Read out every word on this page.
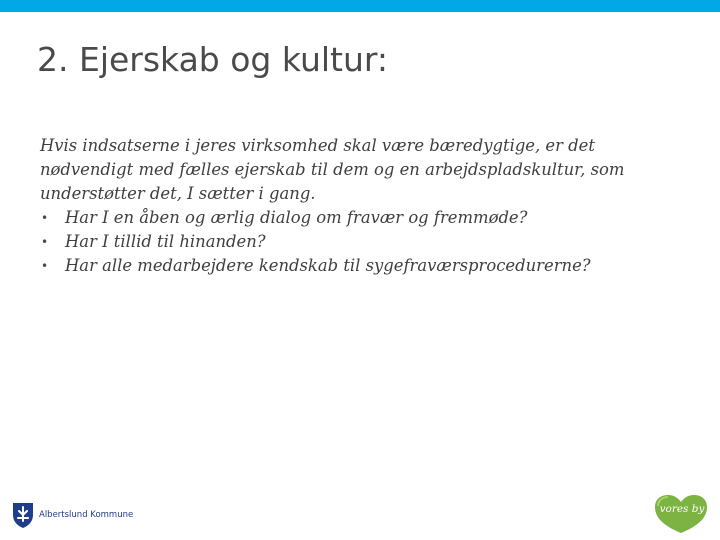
2. Ejerskab og kultur:

Hvis indsatserne i jeres virksomhed skal være bæredygtige, er det nødvendigt med fælles ejerskab til dem og en arbejdspladskultur, som understøtter det, I sætter i gang.

• Har I en åben og ærlig dialog om fravær og fremmøde?
• Har I tillid til hinanden?
• Har alle medarbejdere kendskab til sygefraværsprocedurerne?
Albertslund Kommune	vores by
